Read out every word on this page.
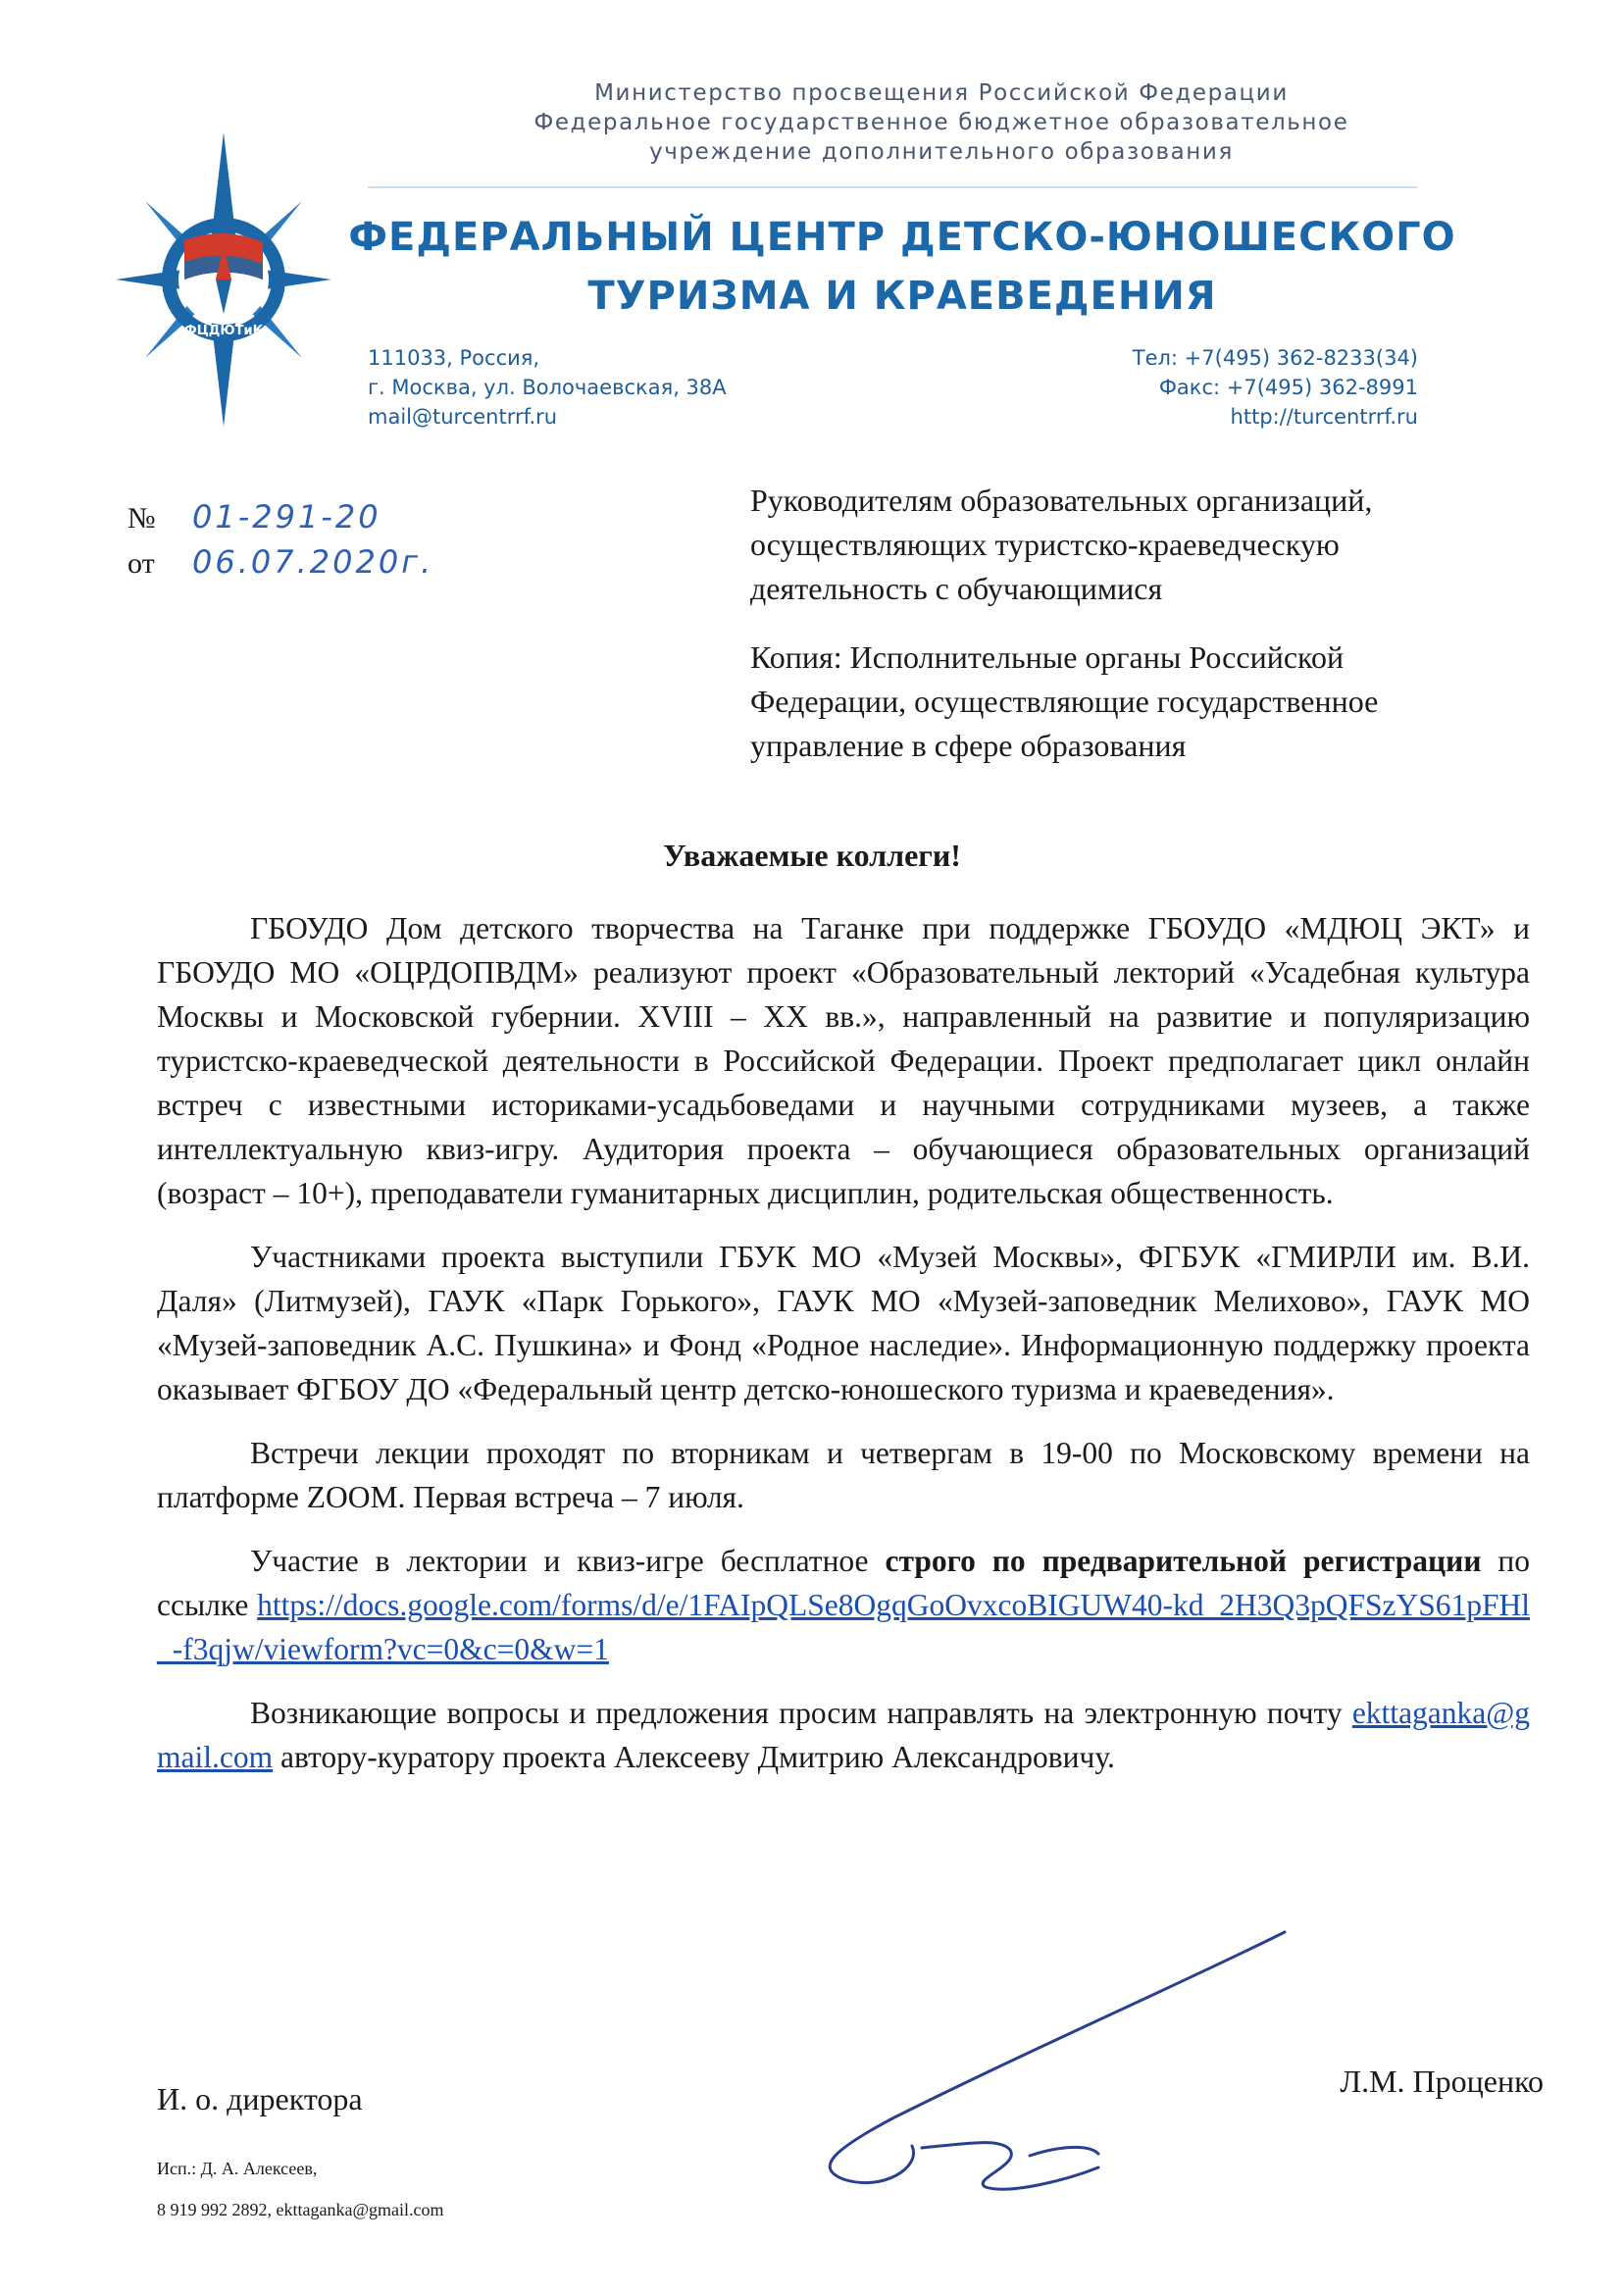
ФЦДЮТиК
Министерство просвещения Российской Федерации
Федеральное государственное бюджетное образовательное
учреждение дополнительного образования
ФЕДЕРАЛЬНЫЙ ЦЕНТР ДЕТСКО-ЮНОШЕСКОГО
ТУРИЗМА И КРАЕВЕДЕНИЯ
111033, Россия,
г. Москва, ул. Волочаевская, 38А
mail@turcentrrf.ru
Тел: +7(495) 362-8233(34)
Факс: +7(495) 362-8991
http://turcentrrf.ru
№ 01-291-20
от 06.07.2020г.
Руководителям образовательных организаций,
осуществляющих туристско-краеведческую
деятельность с обучающимися
Копия: Исполнительные органы Российской
Федерации, осуществляющие государственное
управление в сфере образования
Уважаемые коллеги!

ГБОУДО Дом детского творчества на Таганке при поддержке ГБОУДО «МДЮЦ ЭКТ» и ГБОУДО МО «ОЦРДОПВДМ» реализуют проект «Образовательный лекторий «Усадебная культура Москвы и Московской губернии. XVIII – XX вв.», направленный на развитие и популяризацию туристско-краеведческой деятельности в Российской Федерации. Проект предполагает цикл онлайн встреч с известными историками-усадьбоведами и научными сотрудниками музеев, а также интеллектуальную квиз-игру. Аудитория проекта – обучающиеся образовательных организаций (возраст – 10+), преподаватели гуманитарных дисциплин, родительская общественность.

Участниками проекта выступили ГБУК МО «Музей Москвы», ФГБУК «ГМИРЛИ им. В.И. Даля» (Литмузей), ГАУК «Парк Горького», ГАУК МО «Музей-заповедник Мелихово», ГАУК МО «Музей-заповедник А.С. Пушкина» и Фонд «Родное наследие». Информационную поддержку проекта оказывает ФГБОУ ДО «Федеральный центр детско-юношеского туризма и краеведения».

Встречи лекции проходят по вторникам и четвергам в 19-00 по Московскому времени на платформе ZOOM. Первая встреча – 7 июля.

Участие в лектории и квиз-игре бесплатное строго по предварительной регистрации по ссылке https://docs.google.com/forms/d/e/1FAIpQLSe8OgqGoOvxcoBIGUW40-kd_2H3Q3pQFSzYS61pFHl_-f3qjw/viewform?vc=0&c=0&w=1

Возникающие вопросы и предложения просим направлять на электронную почту ekttaganka@gmail.com автору-куратору проекта Алексееву Дмитрию Александровичу.

И. о. директора	Л.М. Проценко
Исп.: Д. А. Алексеев,
8 919 992 2892, ekttaganka@gmail.com
